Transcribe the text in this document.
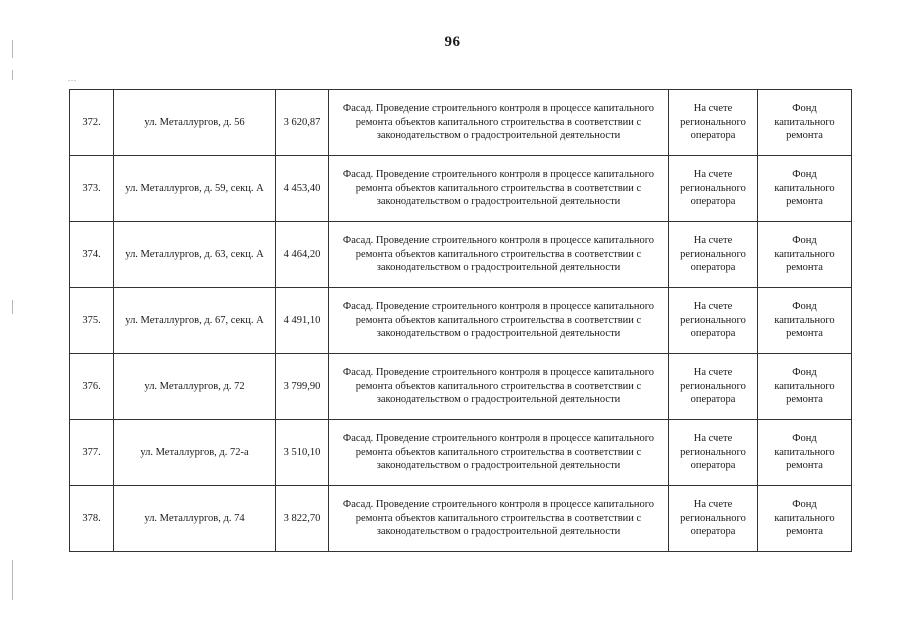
96
...
372.	ул. Металлургов, д. 56	3 620,87	Фасад. Проведение строительного контроля в процессе капитального ремонта объектов капитального строительства в соответствии с законодательством о градостроительной деятельности	На счете регионального оператора	Фонд капитального ремонта
373.	ул. Металлургов, д. 59, секц. А	4 453,40	Фасад. Проведение строительного контроля в процессе капитального ремонта объектов капитального строительства в соответствии с законодательством о градостроительной деятельности	На счете регионального оператора	Фонд капитального ремонта
374.	ул. Металлургов, д. 63, секц. А	4 464,20	Фасад. Проведение строительного контроля в процессе капитального ремонта объектов капитального строительства в соответствии с законодательством о градостроительной деятельности	На счете регионального оператора	Фонд капитального ремонта
375.	ул. Металлургов, д. 67, секц. А	4 491,10	Фасад. Проведение строительного контроля в процессе капитального ремонта объектов капитального строительства в соответствии с законодательством о градостроительной деятельности	На счете регионального оператора	Фонд капитального ремонта
376.	ул. Металлургов, д. 72	3 799,90	Фасад. Проведение строительного контроля в процессе капитального ремонта объектов капитального строительства в соответствии с законодательством о градостроительной деятельности	На счете регионального оператора	Фонд капитального ремонта
377.	ул. Металлургов, д. 72-а	3 510,10	Фасад. Проведение строительного контроля в процессе капитального ремонта объектов капитального строительства в соответствии с законодательством о градостроительной деятельности	На счете регионального оператора	Фонд капитального ремонта
378.	ул. Металлургов, д. 74	3 822,70	Фасад. Проведение строительного контроля в процессе капитального ремонта объектов капитального строительства в соответствии с законодательством о градостроительной деятельности	На счете регионального оператора	Фонд капитального ремонта
